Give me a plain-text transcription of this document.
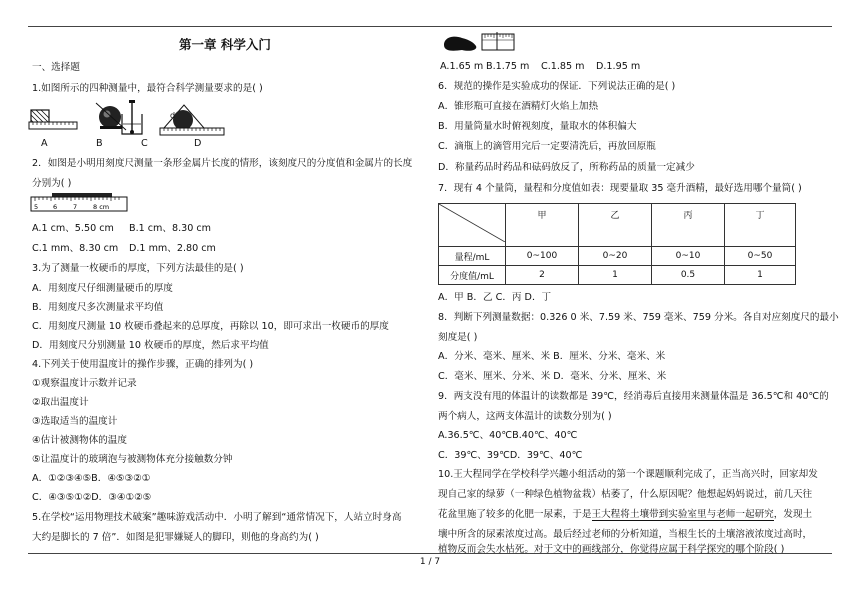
第一章 科学入门
一、选择题
1.如图所示的四种测量中，最符合科学测量要求的是( )
d
A	B	C	D
2．如图是小明用刻度尺测量一条形金属片长度的情形，该刻度尺的分度值和金属片的长度
分别为( )
5 6 7 8 cm
A.1 cm、5.50 cm B.1 cm、8.30 cm
C.1 mm、8.30 cm D.1 mm、2.80 cm
3.为了测量一枚硬币的厚度，下列方法最佳的是( )
A．用刻度尺仔细测量硬币的厚度
B．用刻度尺多次测量求平均值
C．用刻度尺测量 10 枚硬币叠起来的总厚度，再除以 10，即可求出一枚硬币的厚度
D．用刻度尺分别测量 10 枚硬币的厚度，然后求平均值
4.下列关于使用温度计的操作步骤，正确的排列为( )
①观察温度计示数并记录
②取出温度计
③选取适当的温度计
④估计被测物体的温度
⑤让温度计的玻璃泡与被测物体充分接触数分钟
A．①②③④⑤B．④⑤③②①
C．④③⑤①②D．③④①②⑤
5.在学校“运用物理技术破案”趣味游戏活动中．小明了解到“通常情况下，人站立时身高
大约是脚长的 7 倍”．如图是犯罪嫌疑人的脚印，则他的身高约为( )
A.1.65 m B.1.75 m C.1.85 m D.1.95 m
6．规范的操作是实验成功的保证．下列说法正确的是( )
A．锥形瓶可直接在酒精灯火焰上加热
B．用量筒量水时俯视刻度，量取水的体积偏大
C．滴瓶上的滴管用完后一定要清洗后，再放回原瓶
D．称量药品时药品和砝码放反了，所称药品的质量一定减少
7．现有 4 个量筒，量程和分度值如表：现要量取 35 毫升酒精，最好选用哪个量筒( )
	甲	乙	丙	丁
量程/mL	0~100	0~20	0~10	0~50
分度值/mL	2	1	0.5	1
A．甲 B．乙 C．丙 D．丁
8．判断下列测量数据：0.326 0 米、7.59 米、759 毫米、759 分米。各自对应刻度尺的最小
刻度是( )
A．分米、毫米、厘米、米 B．厘米、分米、毫米、米
C．毫米、厘米、分米、米 D．毫米、分米、厘米、米
9．两支没有甩的体温计的读数都是 39℃，经消毒后直接用来测量体温是 36.5℃和 40℃的
两个病人，这两支体温计的读数分别为( )
A.36.5℃、40℃B.40℃、40℃
C．39℃、39℃D．39℃、40℃
10.王大程同学在学校科学兴趣小组活动的第一个课题顺利完成了，正当高兴时，回家却发
现自己家的绿萝（一种绿色植物盆栽）枯萎了，什么原因呢？他想起妈妈说过，前几天往
花盆里施了较多的化肥一尿素，于是王大程将土壤带到实验室里与老师一起研究，发现土
壤中所含的尿素浓度过高。最后经过老师的分析知道，当根生长的土壤溶液浓度过高时，
植物反而会失水枯死。对于文中的画线部分，你觉得应属于科学探究的哪个阶段( )
1 / 7
